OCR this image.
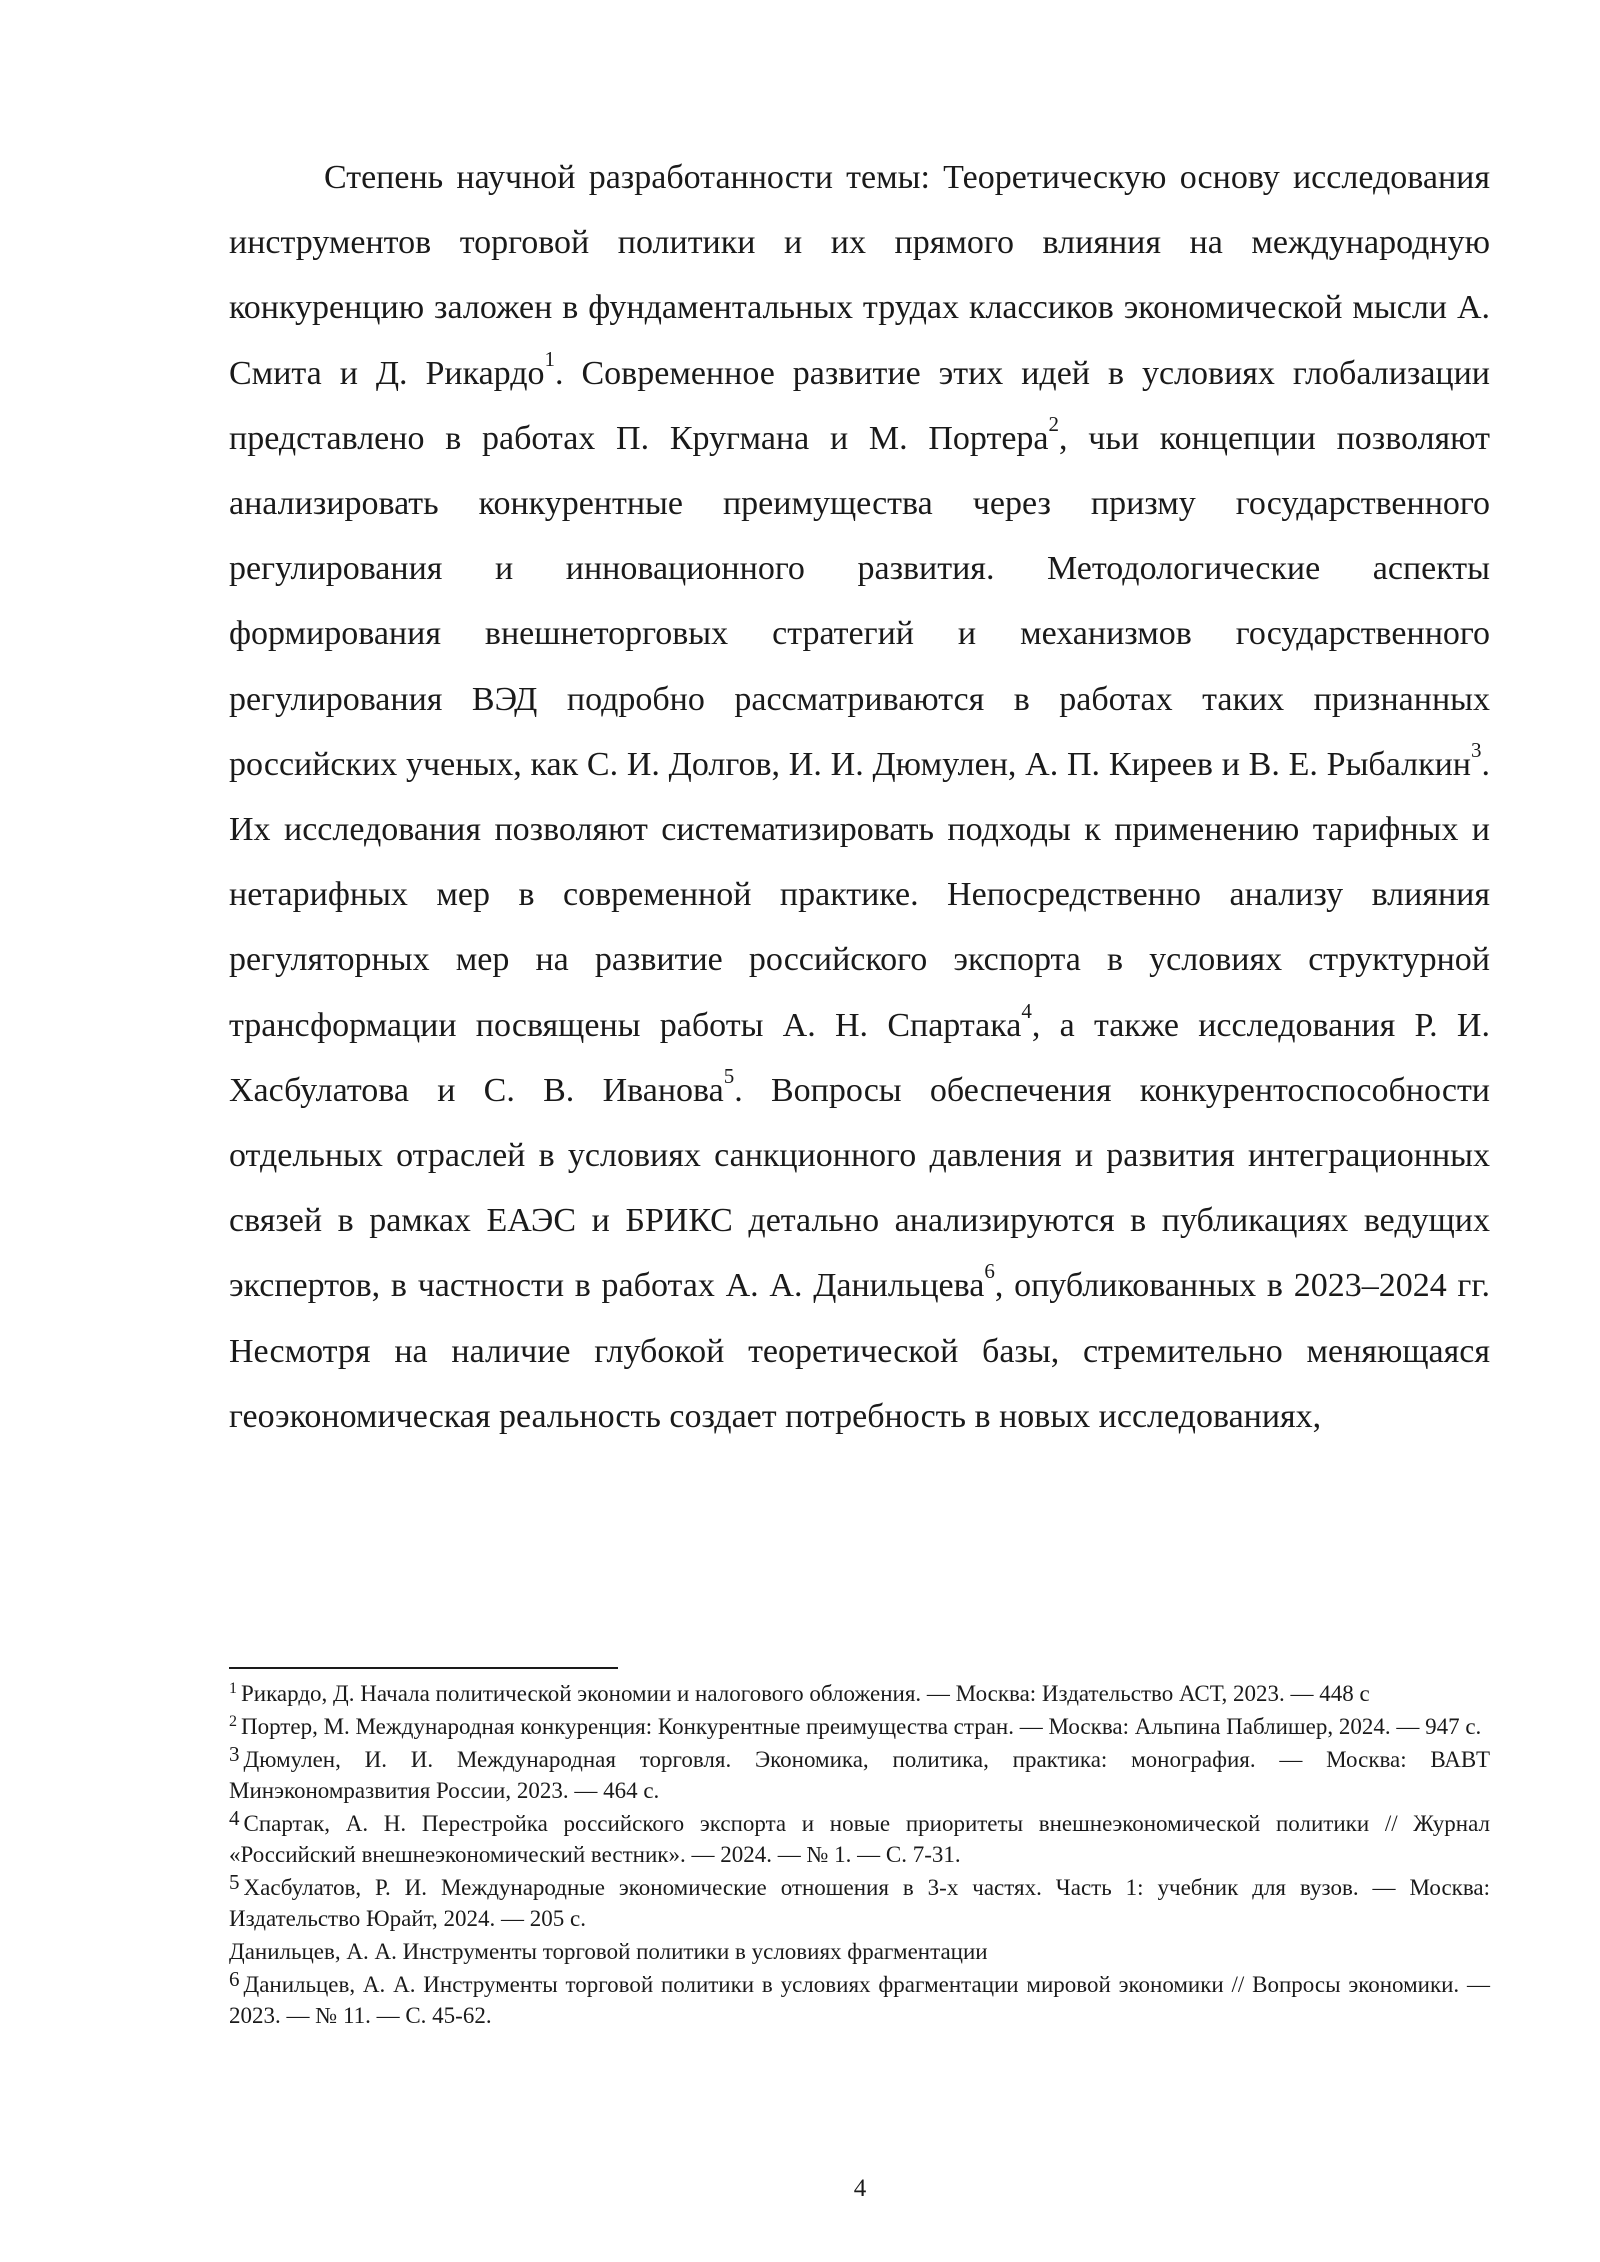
Степень научной разработанности темы: Теоретическую основу исследования инструментов торговой политики и их прямого влияния на международную конкуренцию заложен в фундаментальных трудах классиков экономической мысли А. Смита и Д. Рикардо$^1$. Современное развитие этих идей в условиях глобализации представлено в работах П. Кругмана и М. Портера$^2$, чьи концепции позволяют анализировать конкурентные преимущества через призму государственного регулирования и инновационного развития. Методологические аспекты формирования внешнеторговых стратегий и механизмов государственного регулирования ВЭД подробно рассматриваются в работах таких признанных российских ученых, как С. И. Долгов, И. И. Дюмулен, А. П. Киреев и В. Е. Рыбалкин$^3$. Их исследования позволяют систематизировать подходы к применению тарифных и нетарифных мер в современной практике. Непосредственно анализу влияния регуляторных мер на развитие российского экспорта в условиях структурной трансформации посвящены работы А. Н. Спартака$^4$, а также исследования Р. И. Хасбулатова и С. В. Иванова$^5$. Вопросы обеспечения конкурентоспособности отдельных отраслей в условиях санкционного давления и развития интеграционных связей в рамках ЕАЭС и БРИКС детально анализируются в публикациях ведущих экспертов, в частности в работах А. А. Данильцева$^6$, опубликованных в 2023–2024 гг. Несмотря на наличие глубокой теоретической базы, стремительно меняющаяся геоэкономическая реальность создает потребность в новых исследованиях,

$^1$ Рикардо, Д. Начала политической экономии и налогового обложения. — Москва: Издательство АСТ, 2023. — 448 с
$^2$ Портер, М. Международная конкуренция: Конкурентные преимущества стран. — Москва: Альпина Паблишер, 2024. — 947 с.
$^3$ Дюмулен, И. И. Международная торговля. Экономика, политика, практика: монография. — Москва: ВАВТ Минэкономразвития России, 2023. — 464 с.
$^4$ Спартак, А. Н. Перестройка российского экспорта и новые приоритеты внешнеэкономической политики // Журнал «Российский внешнеэкономический вестник». — 2024. — № 1. — С. 7-31.
$^5$ Хасбулатов, Р. И. Международные экономические отношения в 3-х частях. Часть 1: учебник для вузов. — Москва: Издательство Юрайт, 2024. — 205 с.
Данильцев, А. А. Инструменты торговой политики в условиях фрагментации
$^6$ Данильцев, А. А. Инструменты торговой политики в условиях фрагментации мировой экономики // Вопросы экономики. — 2023. — № 11. — С. 45-62.
4
